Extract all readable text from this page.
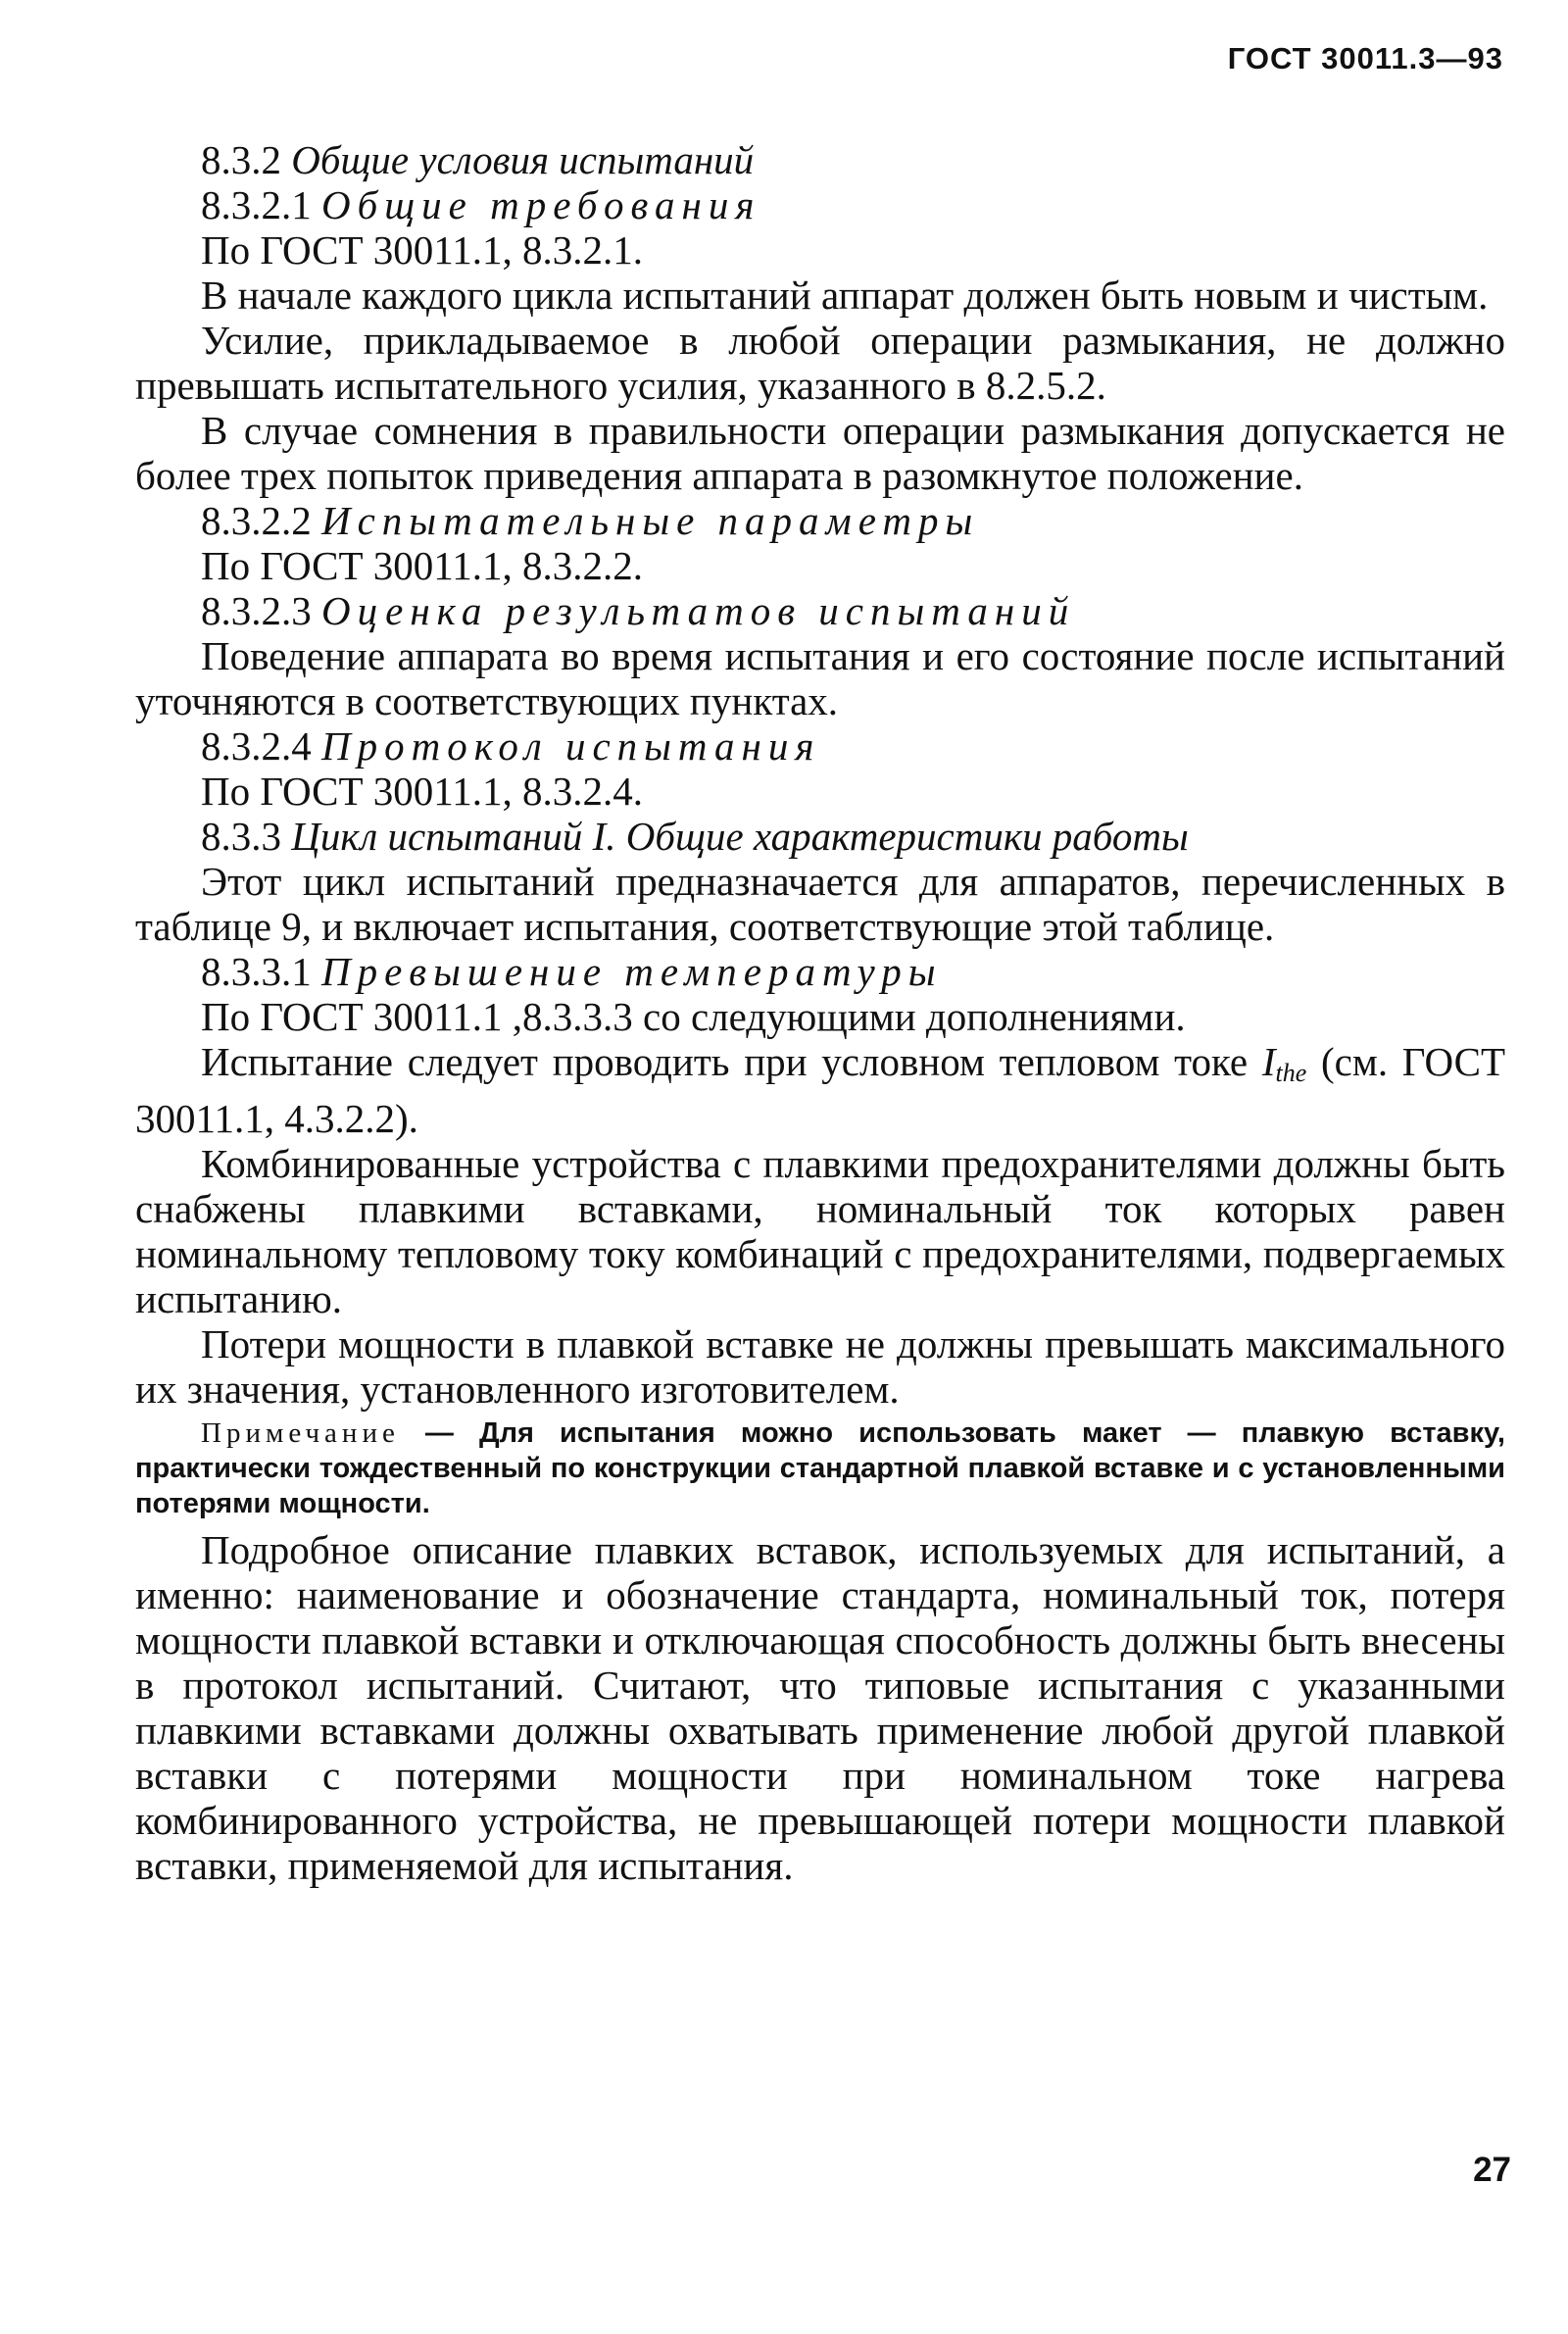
ГОСТ 30011.3—93
8.3.2 Общие условия испытаний
8.3.2.1 Общие требования
По ГОСТ 30011.1, 8.3.2.1.

В начале каждого цикла испытаний аппарат должен быть новым и чистым.

Усилие, прикладываемое в любой операции размыкания, не должно превышать испытательного усилия, указанного в 8.2.5.2.

В случае сомнения в правильности операции размыкания допускается не более трех попыток приведения аппарата в разомкнутое положение.

8.3.2.2 Испытательные параметры
По ГОСТ 30011.1, 8.3.2.2.
8.3.2.3 Оценка результатов испытаний

Поведение аппарата во время испытания и его состояние после испытаний уточняются в соответствующих пунктах.

8.3.2.4 Протокол испытания
По ГОСТ 30011.1, 8.3.2.4.
8.3.3 Цикл испытаний I. Общие характеристики работы

Этот цикл испытаний предназначается для аппаратов, перечисленных в таблице 9, и включает испытания, соответствующие этой таблице.

8.3.3.1 Превышение температуры
По ГОСТ 30011.1 ,8.3.3.3 со следующими дополнениями.

Испытание следует проводить при условном тепловом токе $I_{the}$ (см. ГОСТ 30011.1, 4.3.2.2).

Комбинированные устройства с плавкими предохранителями должны быть снабжены плавкими вставками, номинальный ток которых равен номинальному тепловому току комбинаций с предохранителями, подвергаемых испытанию.

Потери мощности в плавкой вставке не должны превышать максимального их значения, установленного изготовителем.

Примечание — Для испытания можно использовать макет — плавкую вставку, практически тождественный по конструкции стандартной плавкой вставке и с установленными потерями мощности.

Подробное описание плавких вставок, используемых для испытаний, а именно: наименование и обозначение стандарта, номинальный ток, потеря мощности плавкой вставки и отключающая способность должны быть внесены в протокол испытаний. Считают, что типовые испытания с указанными плавкими вставками должны охватывать применение любой другой плавкой вставки с потерями мощности при номинальном токе нагрева комбинированного устройства, не превышающей потери мощности плавкой вставки, применяемой для испытания.

27
